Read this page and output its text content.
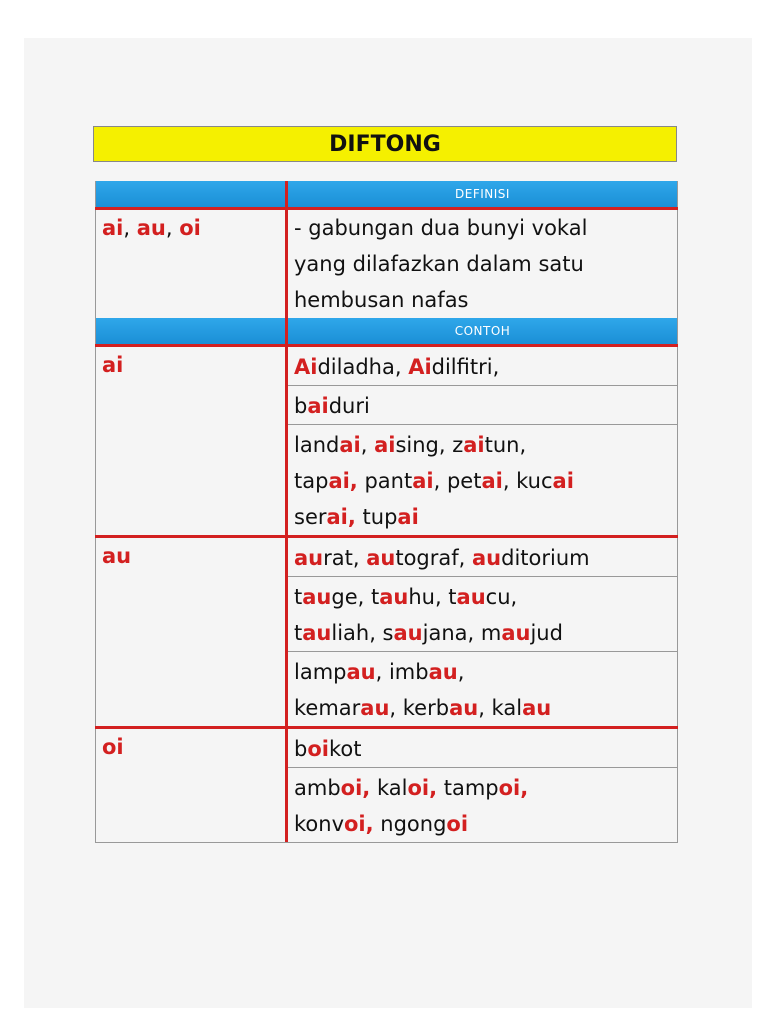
DIFTONG
DEFINISI
ai, au, oi	- gabungan dua bunyi vokal
yang dilafazkan dalam satu
hembusan nafas
CONTOH
ai	Aidiladha, Aidilfitri,
baiduri
landai, aising, zaitun,
tapai, pantai, petai, kucai
serai, tupai
au	aurat, autograf, auditorium
tauge, tauhu, taucu,
tauliah, saujana, maujud
lampau, imbau,
kemarau, kerbau, kalau
oi	boikot
amboi, kaloi, tampoi,
konvoi, ngongoi
